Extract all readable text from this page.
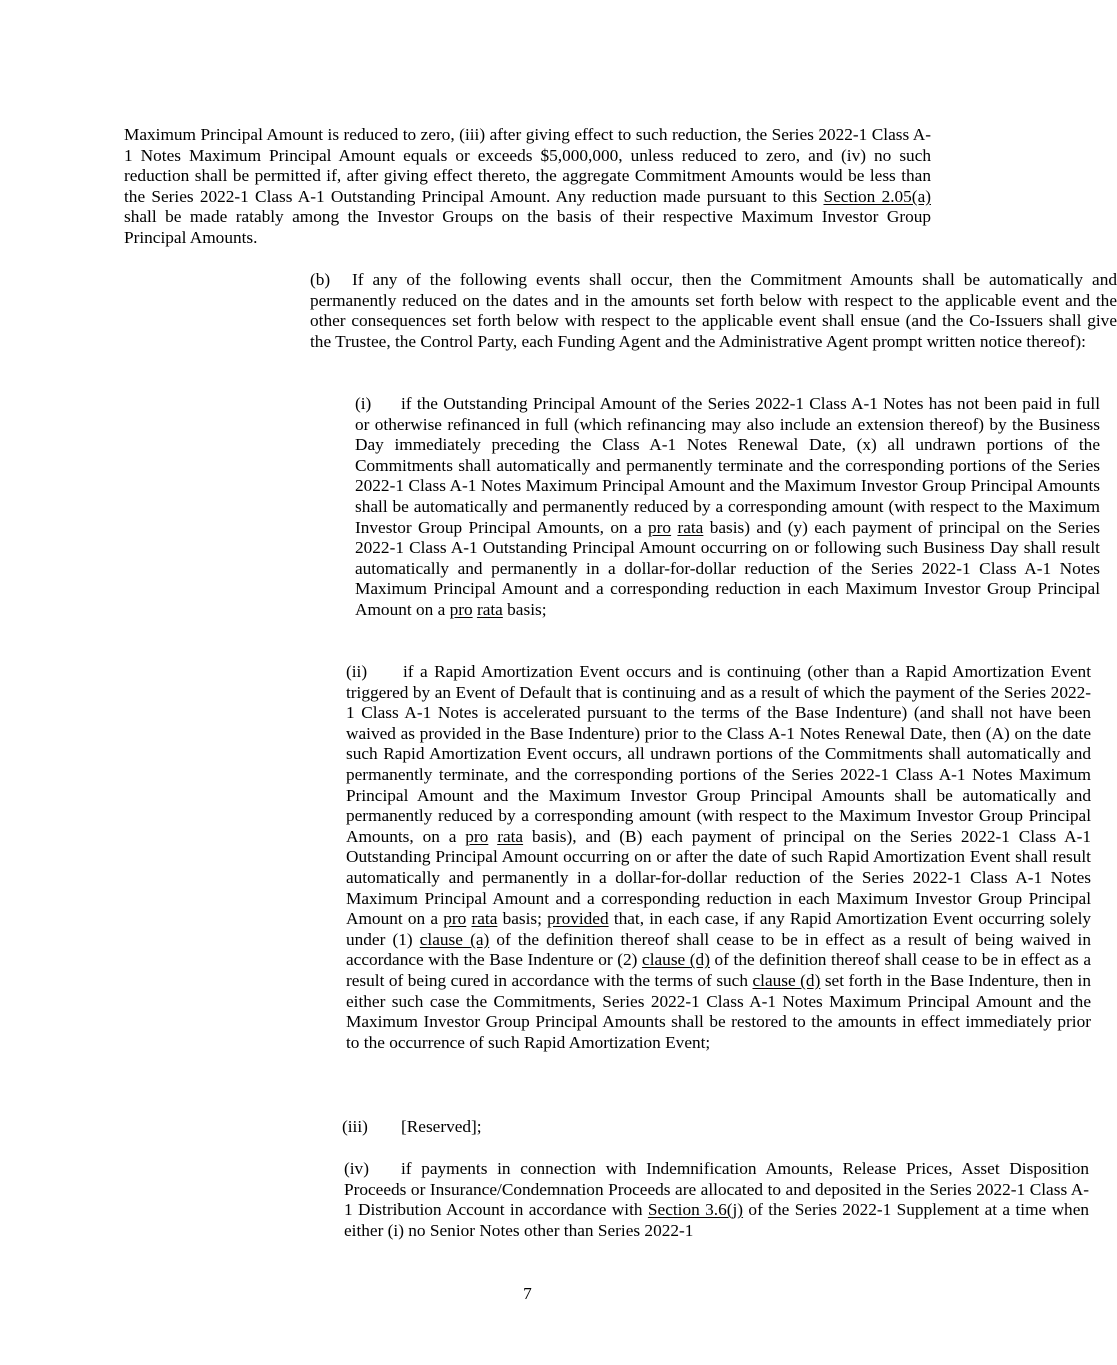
Maximum Principal Amount is reduced to zero, (iii) after giving effect to such reduction, the Series 2022-1 Class A-1 Notes Maximum Principal Amount equals or exceeds $5,000,000, unless reduced to zero, and (iv) no such reduction shall be permitted if, after giving effect thereto, the aggregate Commitment Amounts would be less than the Series 2022-1 Class A-1 Outstanding Principal Amount. Any reduction made pursuant to this Section 2.05(a) shall be made ratably among the Investor Groups on the basis of their respective Maximum Investor Group Principal Amounts.

(b) If any of the following events shall occur, then the Commitment Amounts shall be automatically and permanently reduced on the dates and in the amounts set forth below with respect to the applicable event and the other consequences set forth below with respect to the applicable event shall ensue (and the Co-Issuers shall give the Trustee, the Control Party, each Funding Agent and the Administrative Agent prompt written notice thereof):

(i) if the Outstanding Principal Amount of the Series 2022-1 Class A-1 Notes has not been paid in full or otherwise refinanced in full (which refinancing may also include an extension thereof) by the Business Day immediately preceding the Class A-1 Notes Renewal Date, (x) all undrawn portions of the Commitments shall automatically and permanently terminate and the corresponding portions of the Series 2022-1 Class A-1 Notes Maximum Principal Amount and the Maximum Investor Group Principal Amounts shall be automatically and permanently reduced by a corresponding amount (with respect to the Maximum Investor Group Principal Amounts, on a pro rata basis) and (y) each payment of principal on the Series 2022-1 Class A-1 Outstanding Principal Amount occurring on or following such Business Day shall result automatically and permanently in a dollar-for-dollar reduction of the Series 2022-1 Class A-1 Notes Maximum Principal Amount and a corresponding reduction in each Maximum Investor Group Principal Amount on a pro rata basis;

(ii) if a Rapid Amortization Event occurs and is continuing (other than a Rapid Amortization Event triggered by an Event of Default that is continuing and as a result of which the payment of the Series 2022-1 Class A-1 Notes is accelerated pursuant to the terms of the Base Indenture) (and shall not have been waived as provided in the Base Indenture) prior to the Class A-1 Notes Renewal Date, then (A) on the date such Rapid Amortization Event occurs, all undrawn portions of the Commitments shall automatically and permanently terminate, and the corresponding portions of the Series 2022-1 Class A-1 Notes Maximum Principal Amount and the Maximum Investor Group Principal Amounts shall be automatically and permanently reduced by a corresponding amount (with respect to the Maximum Investor Group Principal Amounts, on a pro rata basis), and (B) each payment of principal on the Series 2022-1 Class A-1 Outstanding Principal Amount occurring on or after the date of such Rapid Amortization Event shall result automatically and permanently in a dollar-for-dollar reduction of the Series 2022-1 Class A-1 Notes Maximum Principal Amount and a corresponding reduction in each Maximum Investor Group Principal Amount on a pro rata basis; provided that, in each case, if any Rapid Amortization Event occurring solely under (1) clause (a) of the definition thereof shall cease to be in effect as a result of being waived in accordance with the Base Indenture or (2) clause (d) of the definition thereof shall cease to be in effect as a result of being cured in accordance with the terms of such clause (d) set forth in the Base Indenture, then in either such case the Commitments, Series 2022-1 Class A-1 Notes Maximum Principal Amount and the Maximum Investor Group Principal Amounts shall be restored to the amounts in effect immediately prior to the occurrence of such Rapid Amortization Event;

(iii) [Reserved];

(iv) if payments in connection with Indemnification Amounts, Release Prices, Asset Disposition Proceeds or Insurance/Condemnation Proceeds are allocated to and deposited in the Series 2022-1 Class A-1 Distribution Account in accordance with Section 3.6(j) of the Series 2022-1 Supplement at a time when either (i) no Senior Notes other than Series 2022-1

7
